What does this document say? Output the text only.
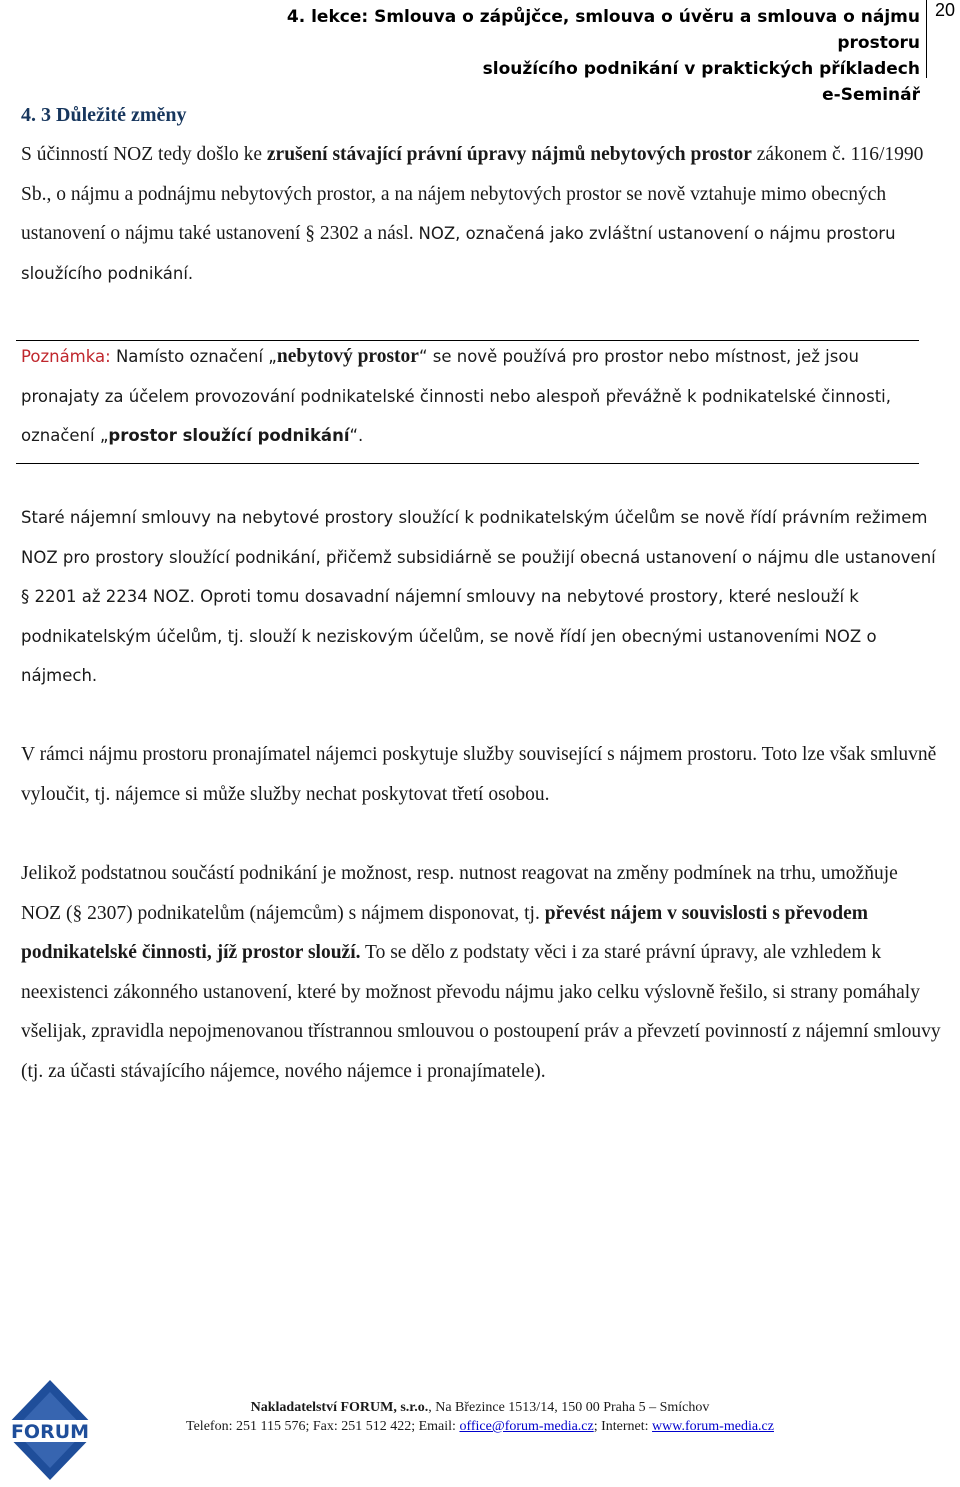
4. lekce: Smlouva o zápůjčce, smlouva o úvěru a smlouva o nájmu prostoru
sloužícího podnikání v praktických příkladech
e-Seminář
20
4. 3 Důležité změny

S účinností NOZ tedy došlo ke zrušení stávající právní úpravy nájmů nebytových prostor zákonem č. 116/1990 Sb., o nájmu a podnájmu nebytových prostor, a na nájem nebytových prostor se nově vztahuje mimo obecných ustanovení o nájmu také ustanovení § 2302 a násl. NOZ, označená jako zvláštní ustanovení o nájmu prostoru sloužícího podnikání.

Poznámka: Namísto označení „nebytový prostor“ se nově používá pro prostor nebo místnost, jež jsou pronajaty za účelem provozování podnikatelské činnosti nebo alespoň převážně k podnikatelské činnosti, označení „prostor sloužící podnikání“.

Staré nájemní smlouvy na nebytové prostory sloužící k podnikatelským účelům se nově řídí právním režimem NOZ pro prostory sloužící podnikání, přičemž subsidiárně se použijí obecná ustanovení o nájmu dle ustanovení § 2201 až 2234 NOZ. Oproti tomu dosavadní nájemní smlouvy na nebytové prostory, které neslouží k podnikatelským účelům, tj. slouží k neziskovým účelům, se nově řídí jen obecnými ustanoveními NOZ o nájmech.

V rámci nájmu prostoru pronajímatel nájemci poskytuje služby související s nájmem prostoru. Toto lze však smluvně vyloučit, tj. nájemce si může služby nechat poskytovat třetí osobou.

Jelikož podstatnou součástí podnikání je možnost, resp. nutnost reagovat na změny podmínek na trhu, umožňuje NOZ (§ 2307) podnikatelům (nájemcům) s nájmem disponovat, tj. převést nájem v souvislosti s převodem podnikatelské činnosti, jíž prostor slouží. To se dělo z podstaty věci i za staré právní úpravy, ale vzhledem k neexistenci zákonného ustanovení, které by možnost převodu nájmu jako celku výslovně řešilo, si strany pomáhaly všelijak, zpravidla nepojmenovanou třístrannou smlouvou o postoupení práv a převzetí povinností z nájemní smlouvy (tj. za účasti stávajícího nájemce, nového nájemce i pronajímatele).

FORUM
Nakladatelství FORUM, s.r.o., Na Březince 1513/14, 150 00 Praha 5 – Smíchov
Telefon: 251 115 576; Fax: 251 512 422; Email: office@forum-media.cz; Internet: www.forum-media.cz
